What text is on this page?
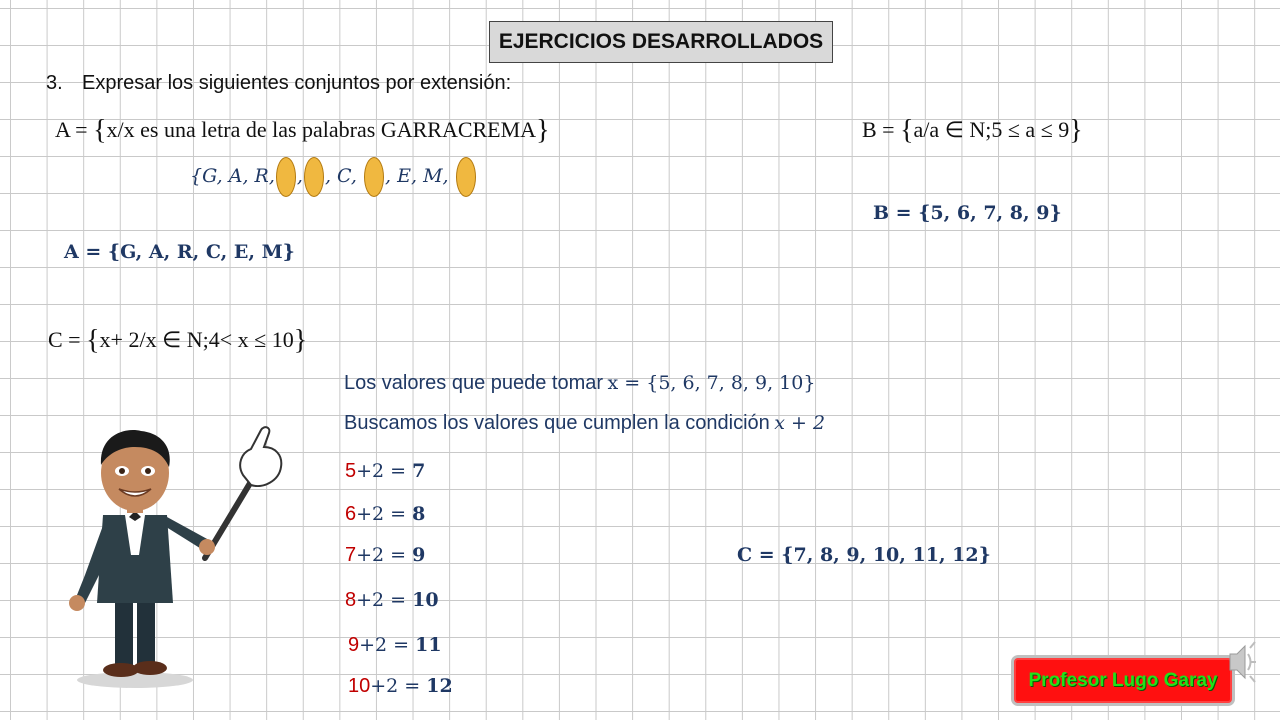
EJERCICIOS DESARROLLADOS
3. Expresar los siguientes conjuntos por extensión:
A = {x/x es una letra de las palabras GARRACREMA}
{G, A, R, , , C, , E, M,
A = {G, A, R, C, E, M}
B = {a/a ∈ N;5 ≤ a ≤ 9}
B = {5, 6, 7, 8, 9}
C = {x+ 2/x ∈ N;4< x ≤ 10}
Los valores que puede tomar x = {5, 6, 7, 8, 9, 10}
Buscamos los valores que cumplen la condición x + 2
5+2 = 7
6+2 = 8
7+2 = 9
8+2 = 10
9+2 = 11
10+2 = 12
C = {7, 8, 9, 10, 11, 12}
Profesor Lugo Garay
